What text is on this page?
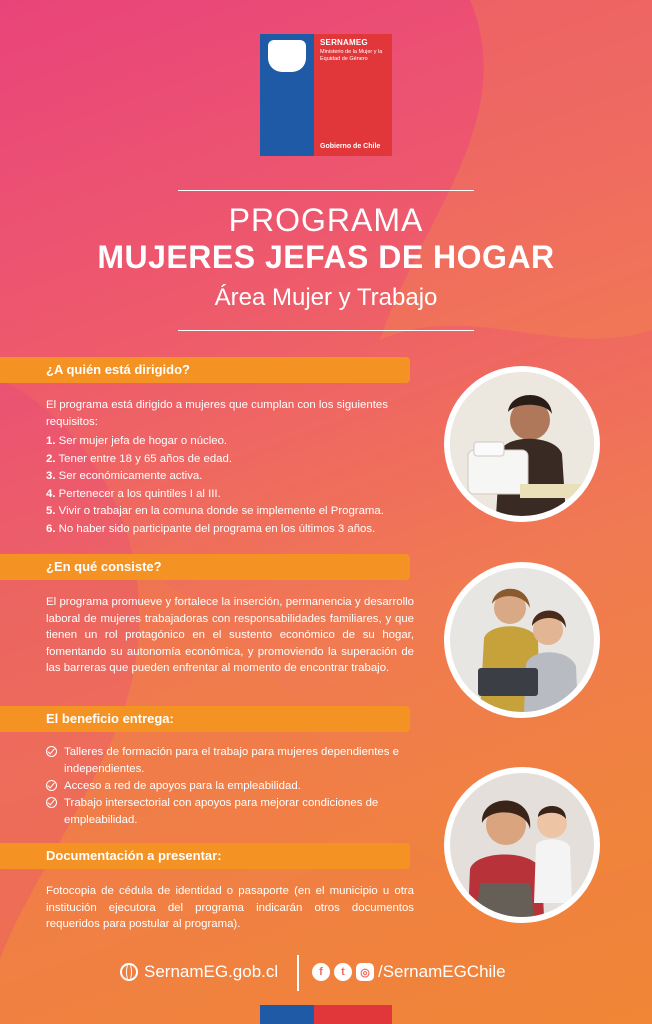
SERNAMEG
Ministerio de la Mujer y la Equidad de Género
Gobierno de Chile
PROGRAMA
MUJERES JEFAS DE HOGAR
Área Mujer y Trabajo
¿A quién está dirigido?
El programa está dirigido a mujeres que cumplan con los siguientes requisitos:
1. Ser mujer jefa de hogar o núcleo.
2. Tener entre 18 y 65 años de edad.
3. Ser económicamente activa.
4. Pertenecer a los quintiles I al III.
5. Vivir o trabajar en la comuna donde se implemente el Programa.
6. No haber sido participante del programa en los últimos 3 años.
¿En qué consiste?
El programa promueve y fortalece la inserción, permanencia y desarrollo laboral de mujeres trabajadoras con responsabilidades familiares, y que tienen un rol protagónico en el sustento económico de su hogar, fomentando su autonomía económica, y promoviendo la superación de las barreras que pueden enfrentar al momento de encontrar trabajo.
El beneficio entrega:
Talleres de formación para el trabajo para mujeres dependientes e independientes.
Acceso a red de apoyos para la empleabilidad.
Trabajo intersectorial con apoyos para mejorar condiciones de empleabilidad.
Documentación a presentar:
Fotocopia de cédula de identidad o pasaporte (en el municipio u otra institución ejecutora del programa indicarán otros documentos requeridos para postular al programa).
SernamEG.gob.cl	f	t	◎ /SernamEGChile
